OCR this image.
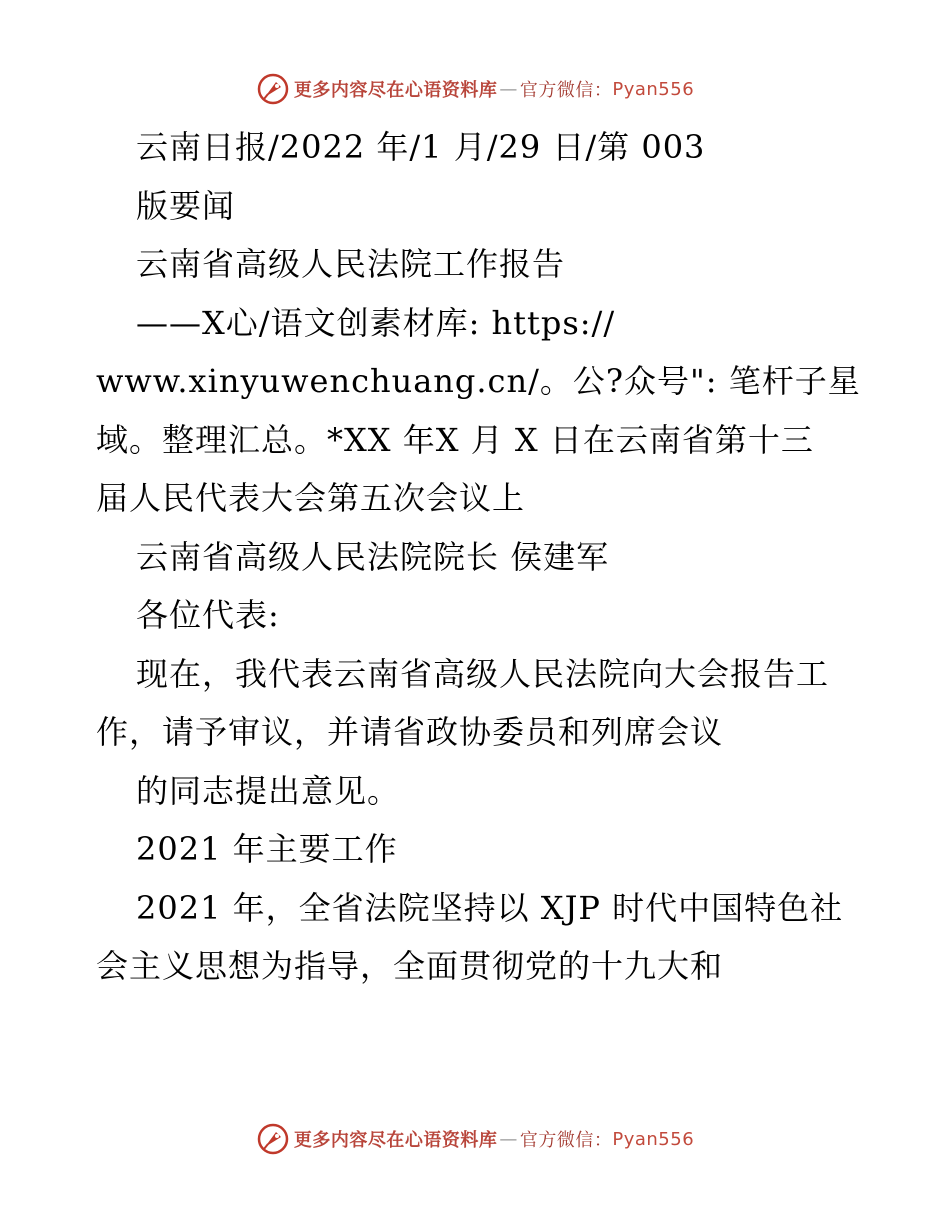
更多内容尽在心语资料库 — 官方微信： Pyan556
云南日报/2022 年/1 月/29 日/第 003
版要闻
云南省高级人民法院工作报告
——X心/语文创素材库: https://
www.xinyuwenchuang.cn/。公?众号": 笔杆子星
域。整理汇总。*XX 年X 月 X 日在云南省第十三
届人民代表大会第五次会议上
云南省高级人民法院院长 侯建军
各位代表:
现在，我代表云南省高级人民法院向大会报告工
作，请予审议，并请省政协委员和列席会议
的同志提出意见。
2021 年主要工作
2021 年，全省法院坚持以 XJP 时代中国特色社
会主义思想为指导，全面贯彻党的十九大和
更多内容尽在心语资料库 — 官方微信： Pyan556
